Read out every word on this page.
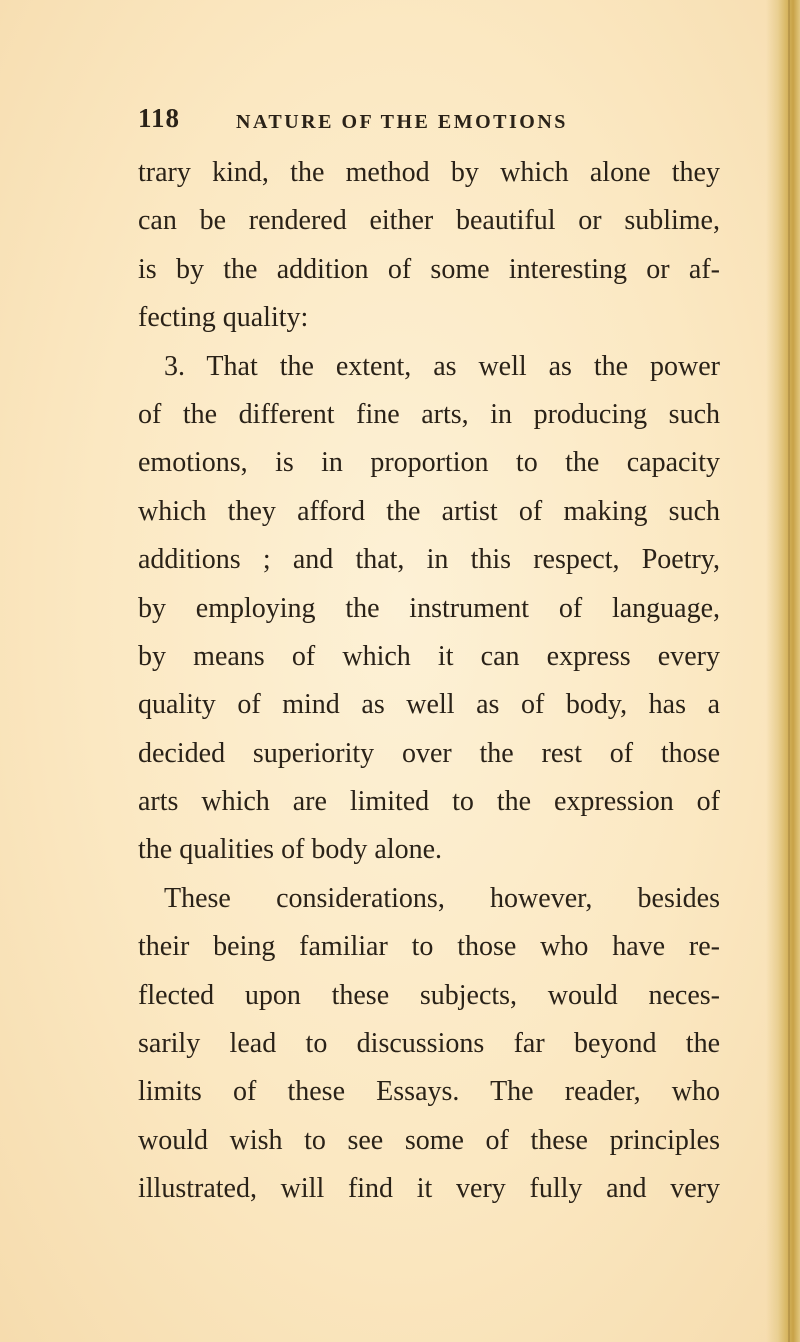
118	NATURE OF THE EMOTIONS
trary kind, the method by which alone they
can be rendered either beautiful or sublime,
is by the addition of some interesting or af-
fecting quality:
3. That the extent, as well as the power
of the different fine arts, in producing such
emotions, is in proportion to the capacity
which they afford the artist of making such
additions ; and that, in this respect, Poetry,
by employing the instrument of language,
by means of which it can express every
quality of mind as well as of body, has a
decided superiority over the rest of those
arts which are limited to the expression of
the qualities of body alone.
These considerations, however, besides
their being familiar to those who have re-
flected upon these subjects, would neces-
sarily lead to discussions far beyond the
limits of these Essays. The reader, who
would wish to see some of these principles
illustrated, will find it very fully and very
